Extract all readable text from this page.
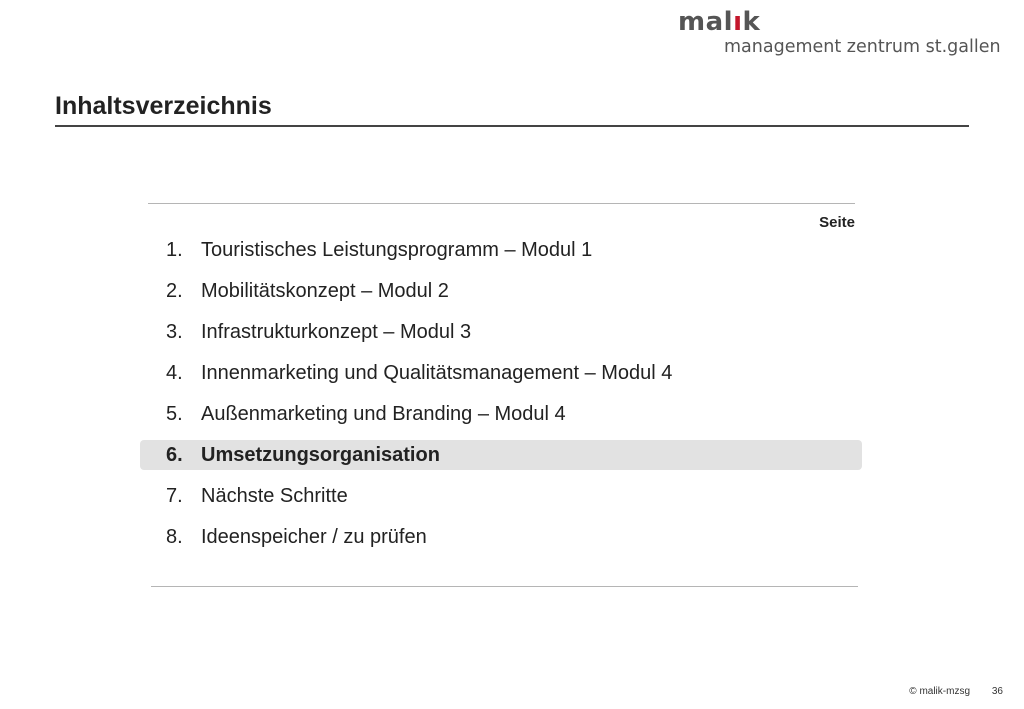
malık
management zentrum st.gallen
Inhaltsverzeichnis
Seite
1. Touristisches Leistungsprogramm – Modul 1
2. Mobilitätskonzept – Modul 2
3. Infrastrukturkonzept – Modul 3
4. Innenmarketing und Qualitätsmanagement – Modul 4
5. Außenmarketing und Branding – Modul 4
6. Umsetzungsorganisation
7. Nächste Schritte
8. Ideenspeicher / zu prüfen
© malik-mzsg	36
